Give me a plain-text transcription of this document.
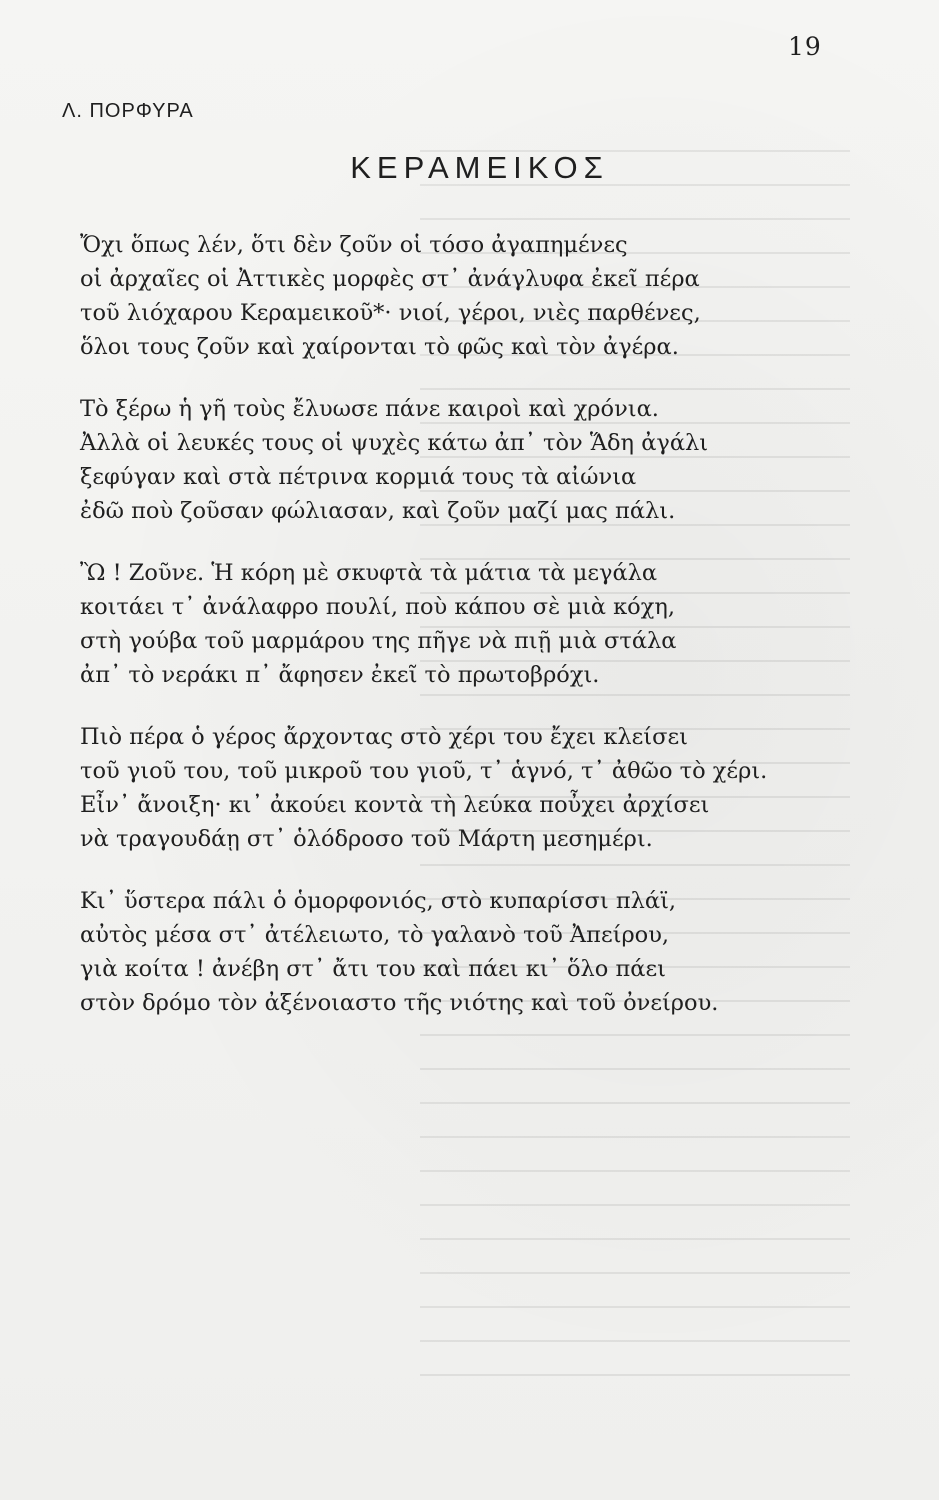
19
Λ. ΠΟΡΦΥΡΑ
ΚΕΡΑΜΕΙΚΟΣ

Ὄχι ὅπως λέν, ὅτι δὲν ζοῦν οἱ τόσο ἀγαπημένες
οἱ ἀρχαῖες οἱ Ἀττικὲς μορφὲς στ᾿ ἀνάγλυφα ἐκεῖ πέρα
τοῦ λιόχαρου Κεραμεικοῦ*· νιοί, γέροι, νιὲς παρθένες,
ὅλοι τους ζοῦν καὶ χαίρονται τὸ φῶς καὶ τὸν ἀγέρα.

Τὸ ξέρω ἡ γῆ τοὺς ἔλυωσε πάνε καιροὶ καὶ χρόνια.
Ἀλλὰ οἱ λευκές τους οἱ ψυχὲς κάτω ἀπ᾿ τὸν Ἅδη ἀγάλι
ξεφύγαν καὶ στὰ πέτρινα κορμιά τους τὰ αἰώνια
ἐδῶ ποὺ ζοῦσαν φώλιασαν, καὶ ζοῦν μαζί μας πάλι.

Ὢ ! Ζοῦνε. Ἡ κόρη μὲ σκυφτὰ τὰ μάτια τὰ μεγάλα
κοιτάει τ᾿ ἀνάλαφρο πουλί, ποὺ κάπου σὲ μιὰ κόχη,
στὴ γούβα τοῦ μαρμάρου της πῆγε νὰ πιῇ μιὰ στάλα
ἀπ᾿ τὸ νεράκι π᾿ ἄφησεν ἐκεῖ τὸ πρωτοβρόχι.

Πιὸ πέρα ὁ γέρος ἄρχοντας στὸ χέρι του ἔχει κλείσει
τοῦ γιοῦ του, τοῦ μικροῦ του γιοῦ, τ᾿ ἁγνό, τ᾿ ἀθῶο τὸ χέρι.
Εἶν᾿ ἄνοιξη· κι᾿ ἀκούει κοντὰ τὴ λεύκα ποὖχει ἀρχίσει
νὰ τραγουδάῃ στ᾿ ὁλόδροσο τοῦ Μάρτη μεσημέρι.

Κι᾿ ὕστερα πάλι ὁ ὁμορφονιός, στὸ κυπαρίσσι πλάϊ,
αὐτὸς μέσα στ᾿ ἀτέλειωτο, τὸ γαλανὸ τοῦ Ἀπείρου,
γιὰ κοίτα ! ἀνέβη στ᾿ ἄτι του καὶ πάει κι᾿ ὅλο πάει
στὸν δρόμο τὸν ἀξένοιαστο τῆς νιότης καὶ τοῦ ὀνείρου.
